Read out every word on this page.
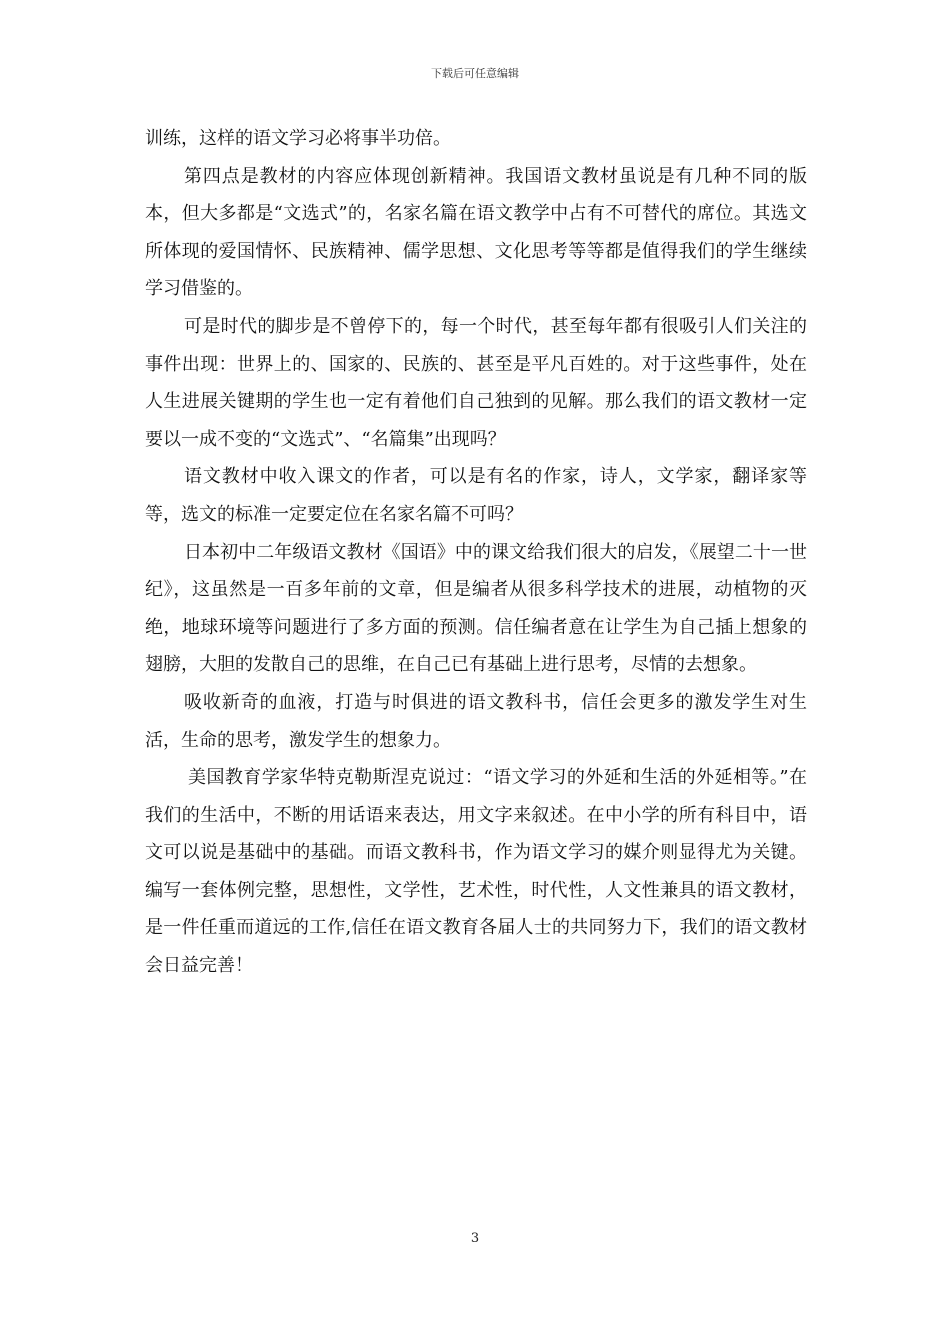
下载后可任意编辑

训练，这样的语文学习必将事半功倍。

第四点是教材的内容应体现创新精神。我国语文教材虽说是有几种不同的版本，但大多都是“文选式”的，名家名篇在语文教学中占有不可替代的席位。其选文所体现的爱国情怀、民族精神、儒学思想、文化思考等等都是值得我们的学生继续学习借鉴的。

可是时代的脚步是不曾停下的，每一个时代，甚至每年都有很吸引人们关注的事件出现：世界上的、国家的、民族的、甚至是平凡百姓的。对于这些事件，处在人生进展关键期的学生也一定有着他们自己独到的见解。那么我们的语文教材一定要以一成不变的“文选式”、“名篇集”出现吗？

语文教材中收入课文的作者，可以是有名的作家，诗人，文学家，翻译家等等，选文的标准一定要定位在名家名篇不可吗？

日本初中二年级语文教材《国语》中的课文给我们很大的启发，《展望二十一世纪》，这虽然是一百多年前的文章，但是编者从很多科学技术的进展，动植物的灭绝，地球环境等问题进行了多方面的预测。信任编者意在让学生为自己插上想象的翅膀，大胆的发散自己的思维，在自己已有基础上进行思考，尽情的去想象。

吸收新奇的血液，打造与时俱进的语文教科书，信任会更多的激发学生对生活，生命的思考，激发学生的想象力。

美国教育学家华特克勒斯涅克说过：“语文学习的外延和生活的外延相等。”在我们的生活中，不断的用话语来表达，用文字来叙述。在中小学的所有科目中，语文可以说是基础中的基础。而语文教科书，作为语文学习的媒介则显得尤为关键。编写一套体例完整，思想性，文学性，艺术性，时代性，人文性兼具的语文教材，是一件任重而道远的工作,信任在语文教育各届人士的共同努力下，我们的语文教材会日益完善！

3
